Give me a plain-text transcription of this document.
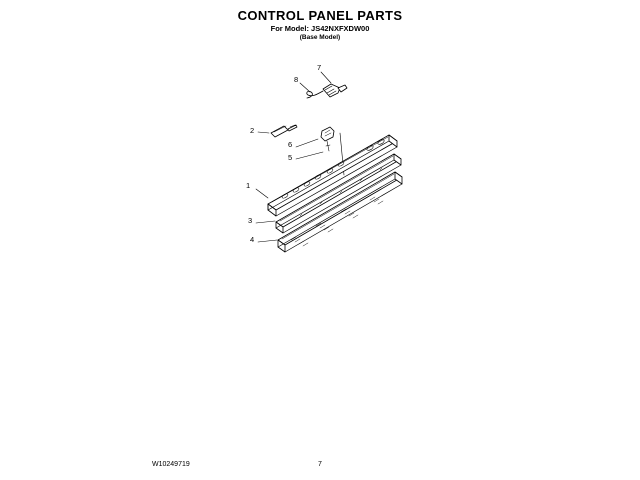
CONTROL PANEL PARTS
For Model: JS42NXFXDW00
(Base Model)
1
2
3
4
5
6
7
8
W10249719	7
